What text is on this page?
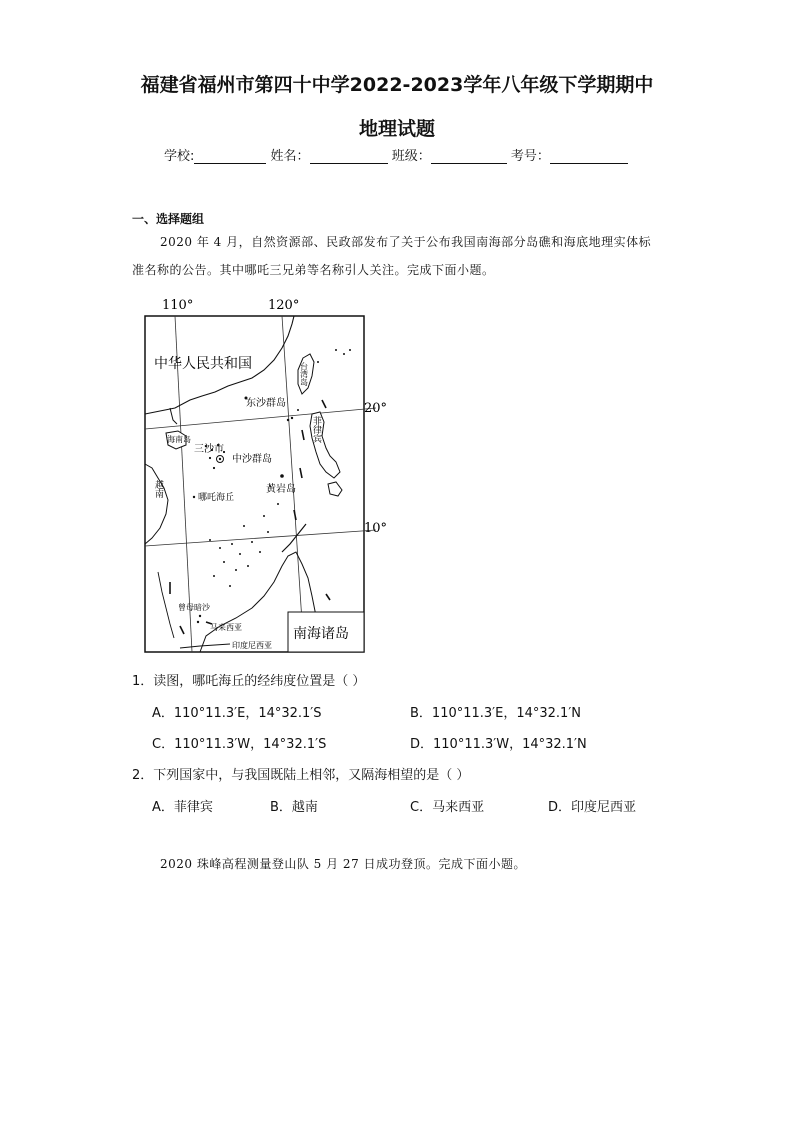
福建省福州市第四十中学2022-2023学年八年级下学期期中
地理试题
学校:	姓名：	班级：	考号：
一、选择题组
2020 年 4 月，自然资源部、民政部发布了关于公布我国南海部分岛礁和海底地理实体标准名称的公告。其中哪吒三兄弟等名称引人关注。完成下面小题。
110°	120°
20°
10°
中华人民共和国	台湾岛
东沙群岛
海南岛
三沙市
中沙群岛
菲律宾
黄岩岛
越南	哪吒海丘
曾母暗沙
马来西亚
印度尼西亚
南海诸岛
1．读图，哪吒海丘的经纬度位置是（ ）
A．110°11.3′E，14°32.1′S	B．110°11.3′E，14°32.1′N
C．110°11.3′W，14°32.1′S	D．110°11.3′W，14°32.1′N
2．下列国家中，与我国既陆上相邻，又隔海相望的是（ ）
A．菲律宾	B．越南	C．马来西亚	D．印度尼西亚
2020 珠峰高程测量登山队 5 月 27 日成功登顶。完成下面小题。
